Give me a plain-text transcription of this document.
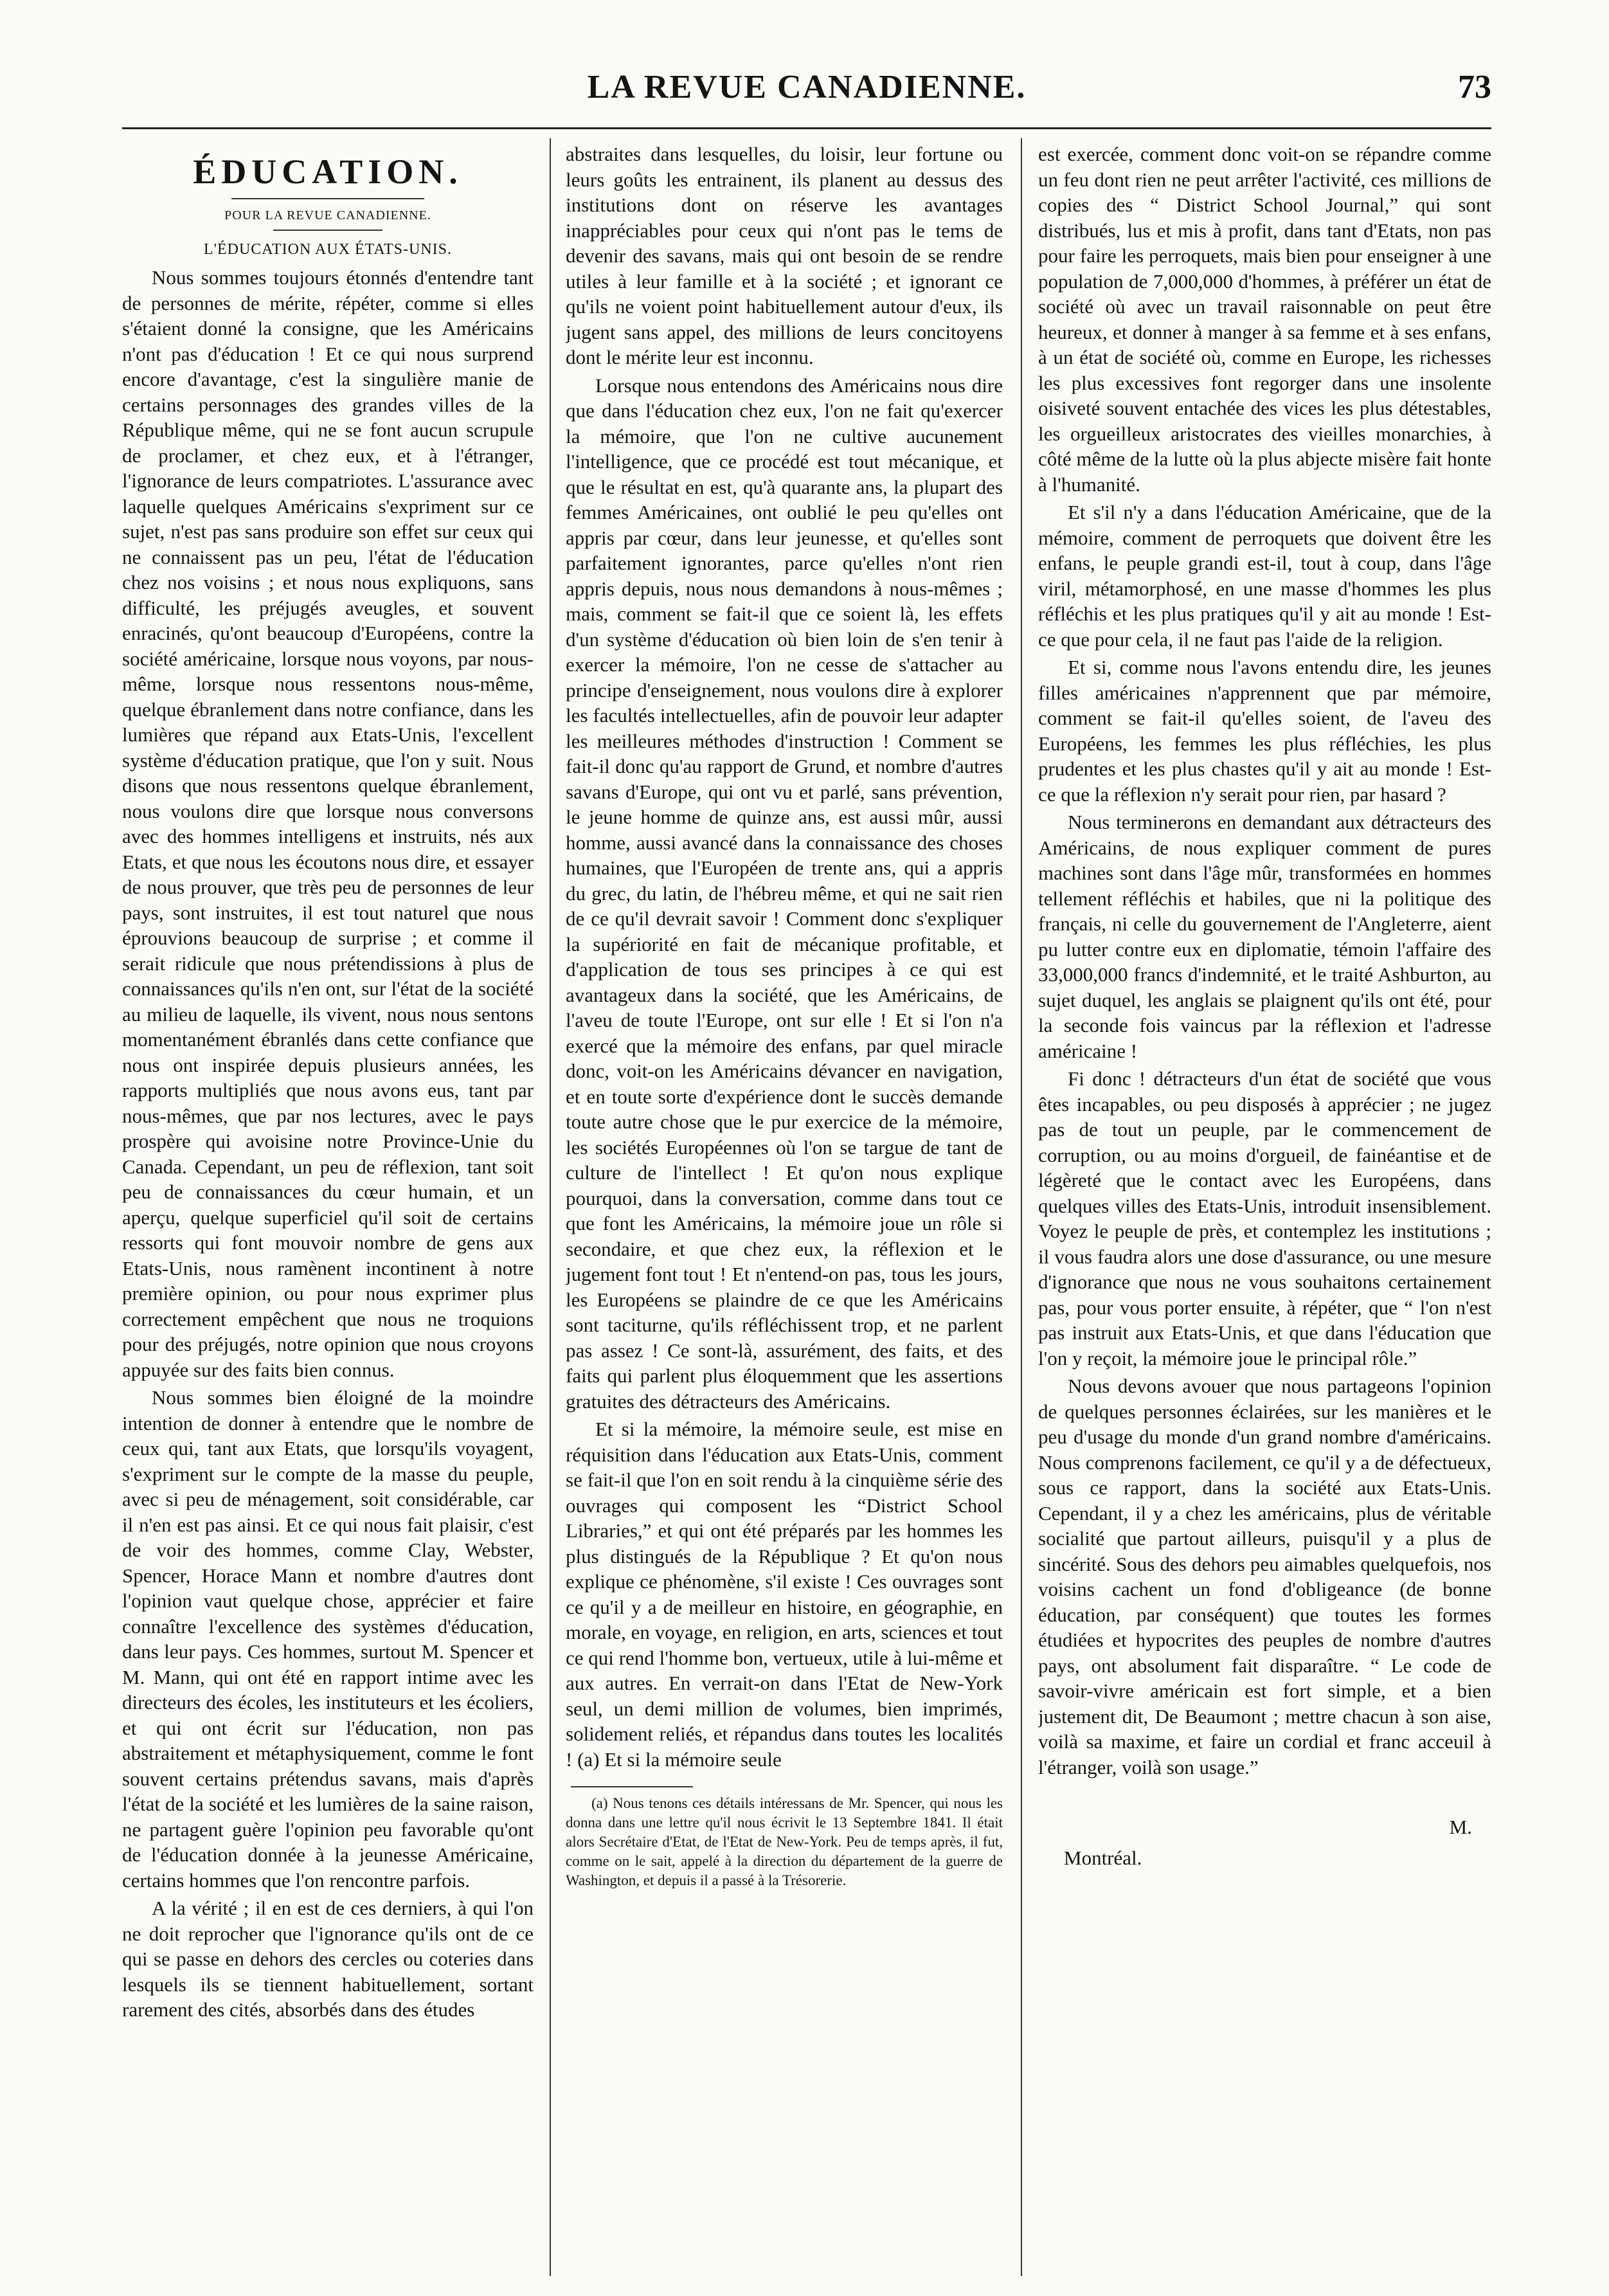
LA REVUE CANADIENNE.	73
ÉDUCATION.
POUR LA REVUE CANADIENNE.
L'ÉDUCATION AUX ÉTATS-UNIS.

Nous sommes toujours étonnés d'entendre tant de personnes de mérite, répéter, comme si elles s'étaient donné la consigne, que les Américains n'ont pas d'éducation ! Et ce qui nous surprend encore d'avantage, c'est la singulière manie de certains personnages des grandes villes de la République même, qui ne se font aucun scrupule de proclamer, et chez eux, et à l'étranger, l'ignorance de leurs compatriotes. L'assurance avec laquelle quelques Américains s'expriment sur ce sujet, n'est pas sans produire son effet sur ceux qui ne connaissent pas un peu, l'état de l'éducation chez nos voisins ; et nous nous expliquons, sans difficulté, les préjugés aveugles, et souvent enracinés, qu'ont beaucoup d'Européens, contre la société américaine, lorsque nous voyons, par nous-même, lorsque nous ressentons nous-même, quelque ébranlement dans notre confiance, dans les lumières que répand aux Etats-Unis, l'excellent système d'éducation pratique, que l'on y suit. Nous disons que nous ressentons quelque ébranlement, nous voulons dire que lorsque nous conversons avec des hommes intelligens et instruits, nés aux Etats, et que nous les écoutons nous dire, et essayer de nous prouver, que très peu de personnes de leur pays, sont instruites, il est tout naturel que nous éprouvions beaucoup de surprise ; et comme il serait ridicule que nous prétendissions à plus de connaissances qu'ils n'en ont, sur l'état de la société au milieu de laquelle, ils vivent, nous nous sentons momentanément ébranlés dans cette confiance que nous ont inspirée depuis plusieurs années, les rapports multipliés que nous avons eus, tant par nous-mêmes, que par nos lectures, avec le pays prospère qui avoisine notre Province-Unie du Canada. Cependant, un peu de réflexion, tant soit peu de connaissances du cœur humain, et un aperçu, quelque superficiel qu'il soit de certains ressorts qui font mouvoir nombre de gens aux Etats-Unis, nous ramènent incontinent à notre première opinion, ou pour nous exprimer plus correctement empêchent que nous ne troquions pour des préjugés, notre opinion que nous croyons appuyée sur des faits bien connus.

Nous sommes bien éloigné de la moindre intention de donner à entendre que le nombre de ceux qui, tant aux Etats, que lorsqu'ils voyagent, s'expriment sur le compte de la masse du peuple, avec si peu de ménagement, soit considérable, car il n'en est pas ainsi. Et ce qui nous fait plaisir, c'est de voir des hommes, comme Clay, Webster, Spencer, Horace Mann et nombre d'autres dont l'opinion vaut quelque chose, apprécier et faire connaître l'excellence des systèmes d'éducation, dans leur pays. Ces hommes, surtout M. Spencer et M. Mann, qui ont été en rapport intime avec les directeurs des écoles, les instituteurs et les écoliers, et qui ont écrit sur l'éducation, non pas abstraitement et métaphysiquement, comme le font souvent certains prétendus savans, mais d'après l'état de la société et les lumières de la saine raison, ne partagent guère l'opinion peu favorable qu'ont de l'éducation donnée à la jeunesse Américaine, certains hommes que l'on rencontre parfois.

A la vérité ; il en est de ces derniers, à qui l'on ne doit reprocher que l'ignorance qu'ils ont de ce qui se passe en dehors des cercles ou coteries dans lesquels ils se tiennent habituellement, sortant rarement des cités, absorbés dans des études

abstraites dans lesquelles, du loisir, leur fortune ou leurs goûts les entrainent, ils planent au dessus des institutions dont on réserve les avantages inappréciables pour ceux qui n'ont pas le tems de devenir des savans, mais qui ont besoin de se rendre utiles à leur famille et à la société ; et ignorant ce qu'ils ne voient point habituellement autour d'eux, ils jugent sans appel, des millions de leurs concitoyens dont le mérite leur est inconnu.

Lorsque nous entendons des Américains nous dire que dans l'éducation chez eux, l'on ne fait qu'exercer la mémoire, que l'on ne cultive aucunement l'intelligence, que ce procédé est tout mécanique, et que le résultat en est, qu'à quarante ans, la plupart des femmes Américaines, ont oublié le peu qu'elles ont appris par cœur, dans leur jeunesse, et qu'elles sont parfaitement ignorantes, parce qu'elles n'ont rien appris depuis, nous nous demandons à nous-mêmes ; mais, comment se fait-il que ce soient là, les effets d'un système d'éducation où bien loin de s'en tenir à exercer la mémoire, l'on ne cesse de s'attacher au principe d'enseignement, nous voulons dire à explorer les facultés intellectuelles, afin de pouvoir leur adapter les meilleures méthodes d'instruction ! Comment se fait-il donc qu'au rapport de Grund, et nombre d'autres savans d'Europe, qui ont vu et parlé, sans prévention, le jeune homme de quinze ans, est aussi mûr, aussi homme, aussi avancé dans la connaissance des choses humaines, que l'Européen de trente ans, qui a appris du grec, du latin, de l'hébreu même, et qui ne sait rien de ce qu'il devrait savoir ! Comment donc s'expliquer la supériorité en fait de mécanique profitable, et d'application de tous ses principes à ce qui est avantageux dans la société, que les Américains, de l'aveu de toute l'Europe, ont sur elle ! Et si l'on n'a exercé que la mémoire des enfans, par quel miracle donc, voit-on les Américains dévancer en navigation, et en toute sorte d'expérience dont le succès demande toute autre chose que le pur exercice de la mémoire, les sociétés Européennes où l'on se targue de tant de culture de l'intellect ! Et qu'on nous explique pourquoi, dans la conversation, comme dans tout ce que font les Américains, la mémoire joue un rôle si secondaire, et que chez eux, la réflexion et le jugement font tout ! Et n'entend-on pas, tous les jours, les Européens se plaindre de ce que les Américains sont taciturne, qu'ils réfléchissent trop, et ne parlent pas assez ! Ce sont-là, assurément, des faits, et des faits qui parlent plus éloquemment que les assertions gratuites des détracteurs des Américains.

Et si la mémoire, la mémoire seule, est mise en réquisition dans l'éducation aux Etats-Unis, comment se fait-il que l'on en soit rendu à la cinquième série des ouvrages qui composent les “District School Libraries,” et qui ont été préparés par les hommes les plus distingués de la République ? Et qu'on nous explique ce phénomène, s'il existe ! Ces ouvrages sont ce qu'il y a de meilleur en histoire, en géographie, en morale, en voyage, en religion, en arts, sciences et tout ce qui rend l'homme bon, vertueux, utile à lui-même et aux autres. En verrait-on dans l'Etat de New-York seul, un demi million de volumes, bien imprimés, solidement reliés, et répandus dans toutes les localités ! (a) Et si la mémoire seule

(a) Nous tenons ces détails intéressans de Mr. Spencer, qui nous les donna dans une lettre qu'il nous écrivit le 13 Septembre 1841. Il était alors Secrétaire d'Etat, de l'Etat de New-York. Peu de temps après, il fut, comme on le sait, appelé à la direction du département de la guerre de Washington, et depuis il a passé à la Trésorerie.

est exercée, comment donc voit-on se répandre comme un feu dont rien ne peut arrêter l'activité, ces millions de copies des “ District School Journal,” qui sont distribués, lus et mis à profit, dans tant d'Etats, non pas pour faire les perroquets, mais bien pour enseigner à une population de 7,000,000 d'hommes, à préférer un état de société où avec un travail raisonnable on peut être heureux, et donner à manger à sa femme et à ses enfans, à un état de société où, comme en Europe, les richesses les plus excessives font regorger dans une insolente oisiveté souvent entachée des vices les plus détestables, les orgueilleux aristocrates des vieilles monarchies, à côté même de la lutte où la plus abjecte misère fait honte à l'humanité.

Et s'il n'y a dans l'éducation Américaine, que de la mémoire, comment de perroquets que doivent être les enfans, le peuple grandi est-il, tout à coup, dans l'âge viril, métamorphosé, en une masse d'hommes les plus réfléchis et les plus pratiques qu'il y ait au monde ! Est-ce que pour cela, il ne faut pas l'aide de la religion.

Et si, comme nous l'avons entendu dire, les jeunes filles américaines n'apprennent que par mémoire, comment se fait-il qu'elles soient, de l'aveu des Européens, les femmes les plus réfléchies, les plus prudentes et les plus chastes qu'il y ait au monde ! Est-ce que la réflexion n'y serait pour rien, par hasard ?

Nous terminerons en demandant aux détracteurs des Américains, de nous expliquer comment de pures machines sont dans l'âge mûr, transformées en hommes tellement réfléchis et habiles, que ni la politique des français, ni celle du gouvernement de l'Angleterre, aient pu lutter contre eux en diplomatie, témoin l'affaire des 33,000,000 francs d'indemnité, et le traité Ashburton, au sujet duquel, les anglais se plaignent qu'ils ont été, pour la seconde fois vaincus par la réflexion et l'adresse américaine !

Fi donc ! détracteurs d'un état de société que vous êtes incapables, ou peu disposés à apprécier ; ne jugez pas de tout un peuple, par le commencement de corruption, ou au moins d'orgueil, de fainéantise et de légèreté que le contact avec les Européens, dans quelques villes des Etats-Unis, introduit insensiblement. Voyez le peuple de près, et contemplez les institutions ; il vous faudra alors une dose d'assurance, ou une mesure d'ignorance que nous ne vous souhaitons certainement pas, pour vous porter ensuite, à répéter, que “ l'on n'est pas instruit aux Etats-Unis, et que dans l'éducation que l'on y reçoit, la mémoire joue le principal rôle.”

Nous devons avouer que nous partageons l'opinion de quelques personnes éclairées, sur les manières et le peu d'usage du monde d'un grand nombre d'américains. Nous comprenons facilement, ce qu'il y a de défectueux, sous ce rapport, dans la société aux Etats-Unis. Cependant, il y a chez les américains, plus de véritable socialité que partout ailleurs, puisqu'il y a plus de sincérité. Sous des dehors peu aimables quelquefois, nos voisins cachent un fond d'obligeance (de bonne éducation, par conséquent) que toutes les formes étudiées et hypocrites des peuples de nombre d'autres pays, ont absolument fait disparaître. “ Le code de savoir-vivre américain est fort simple, et a bien justement dit, De Beaumont ; mettre chacun à son aise, voilà sa maxime, et faire un cordial et franc acceuil à l'étranger, voilà son usage.”

M.
Montréal.
